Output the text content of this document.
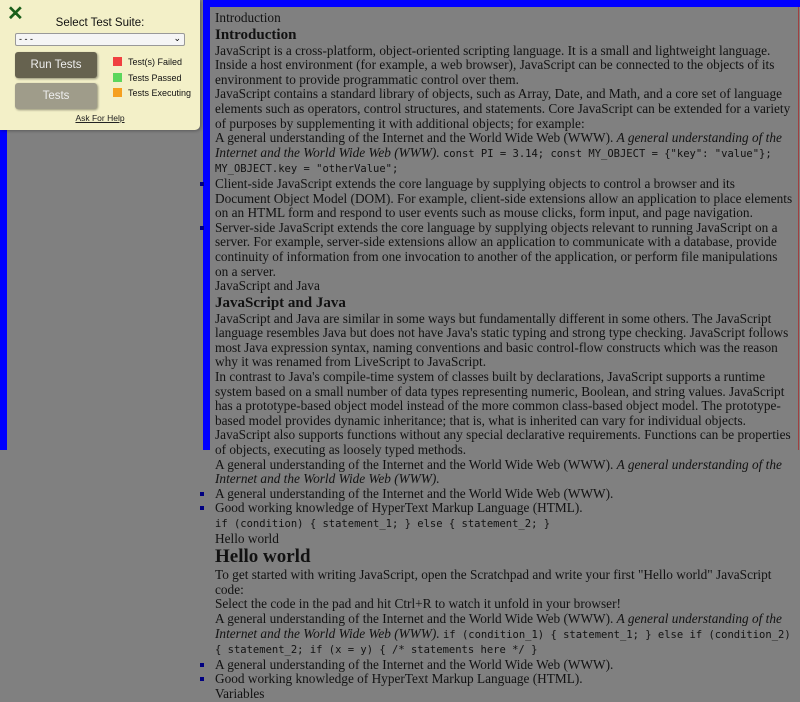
Introduction
Introduction

JavaScript is a cross-platform, object-oriented scripting language. It is a small and lightweight language. Inside a host environment (for example, a web browser), JavaScript can be connected to the objects of its environment to provide programmatic control over them.

JavaScript contains a standard library of objects, such as Array, Date, and Math, and a core set of language elements such as operators, control structures, and statements. Core JavaScript can be extended for a variety of purposes by supplementing it with additional objects; for example:

A general understanding of the Internet and the World Wide Web (WWW). A general understanding of the Internet and the World Wide Web (WWW). const PI = 3.14; const MY_OBJECT = {"key": "value"}; MY_OBJECT.key = "otherValue";

▪ Client-side JavaScript extends the core language by supplying objects to control a browser and its Document Object Model (DOM). For example, client-side extensions allow an application to place elements on an HTML form and respond to user events such as mouse clicks, form input, and page navigation.
▪ Server-side JavaScript extends the core language by supplying objects relevant to running JavaScript on a server. For example, server-side extensions allow an application to communicate with a database, provide continuity of information from one invocation to another of the application, or perform file manipulations on a server.
JavaScript and Java
JavaScript and Java

JavaScript and Java are similar in some ways but fundamentally different in some others. The JavaScript language resembles Java but does not have Java's static typing and strong type checking. JavaScript follows most Java expression syntax, naming conventions and basic control-flow constructs which was the reason why it was renamed from LiveScript to JavaScript.

In contrast to Java's compile-time system of classes built by declarations, JavaScript supports a runtime system based on a small number of data types representing numeric, Boolean, and string values. JavaScript has a prototype-based object model instead of the more common class-based object model. The prototype-based model provides dynamic inheritance; that is, what is inherited can vary for individual objects. JavaScript also supports functions without any special declarative requirements. Functions can be properties of objects, executing as loosely typed methods.

A general understanding of the Internet and the World Wide Web (WWW). A general understanding of the Internet and the World Wide Web (WWW).

▪ A general understanding of the Internet and the World Wide Web (WWW).
▪ Good working knowledge of HyperText Markup Language (HTML).

if (condition) { statement_1; } else { statement_2; }

Hello world
Hello world

To get started with writing JavaScript, open the Scratchpad and write your first "Hello world" JavaScript code:

Select the code in the pad and hit Ctrl+R to watch it unfold in your browser!

A general understanding of the Internet and the World Wide Web (WWW). A general understanding of the Internet and the World Wide Web (WWW). if (condition_1) { statement_1; } else if (condition_2) { statement_2; if (x = y) { /* statements here */ }

▪ A general understanding of the Internet and the World Wide Web (WWW).
▪ Good working knowledge of HyperText Markup Language (HTML).
Variables
✕	Select Test Suite:
- - -	⌄
Run Tests
Tests
Test(s) Failed
Tests Passed
Tests Executing
Ask For Help
